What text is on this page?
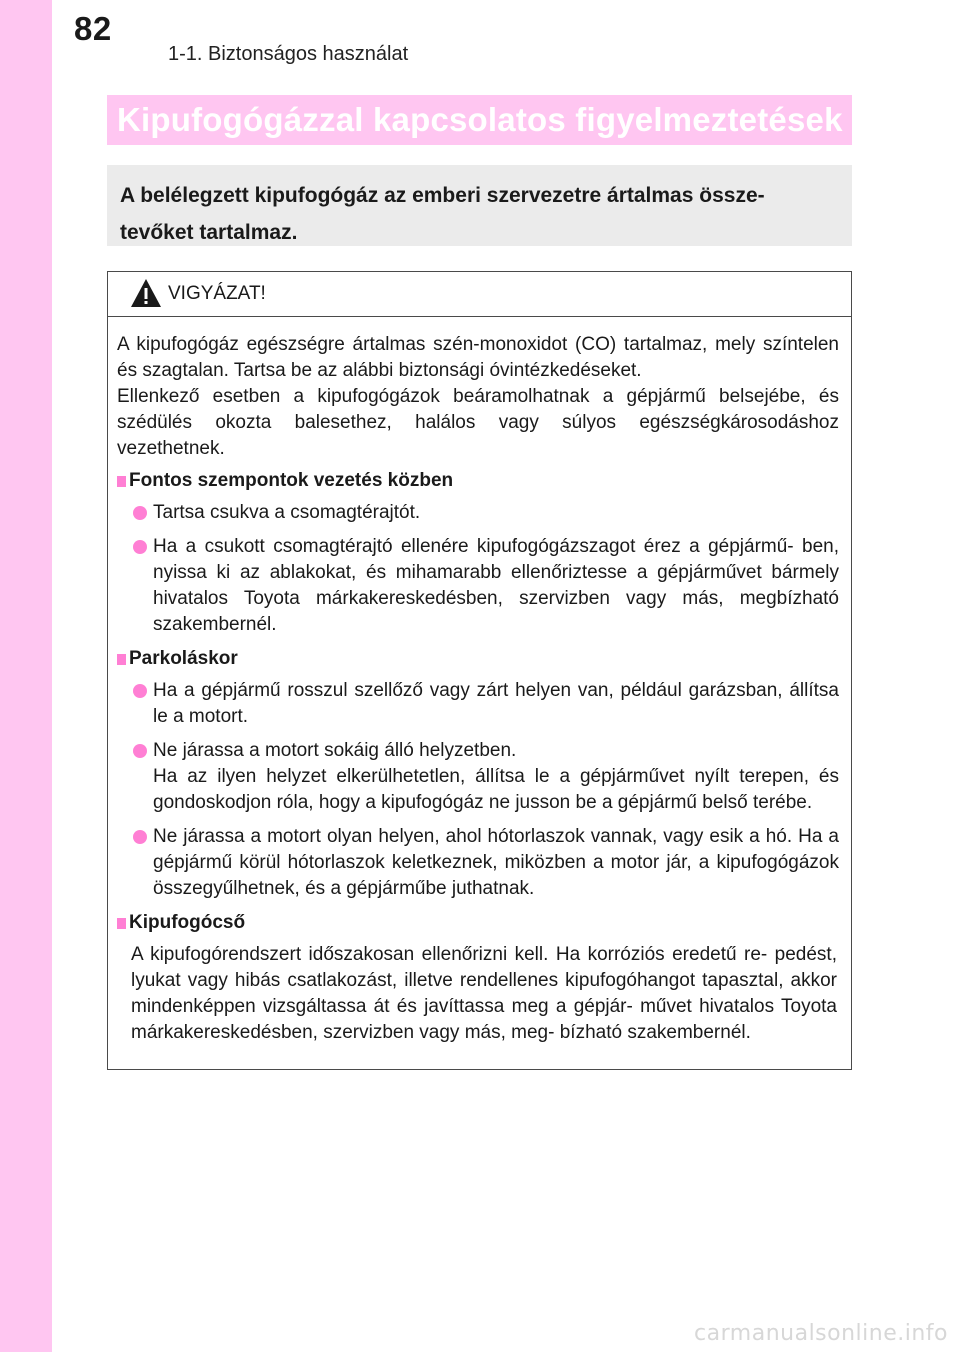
82
1-1. Biztonságos használat
Kipufogógázzal kapcsolatos figyelmeztetések

A belélegzett kipufogógáz az emberi szervezetre ártalmas össze-

tevőket tartalmaz.

VIGYÁZAT!

A kipufogógáz egészségre ártalmas szén-monoxidot (CO) tartalmaz, mely színtelen és szagtalan. Tartsa be az alábbi biztonsági óvintézkedéseket.

Ellenkező esetben a kipufogógázok beáramolhatnak a gépjármű belsejébe, és szédülés okozta balesethez, halálos vagy súlyos egészségkárosodáshoz vezethetnek.

Fontos szempontok vezetés közben
Tartsa csukva a csomagtérajtót.
Ha a csukott csomagtérajtó ellenére kipufogógázszagot érez a gépjármű- ben, nyissa ki az ablakokat, és mihamarabb ellenőriztesse a gépjárművet bármely hivatalos Toyota márkakereskedésben, szervizben vagy más, megbízható szakembernél.
Parkoláskor
Ha a gépjármű rosszul szellőző vagy zárt helyen van, például garázsban, állítsa le a motort.
Ne járassa a motort sokáig álló helyzetben.
Ha az ilyen helyzet elkerülhetetlen, állítsa le a gépjárművet nyílt terepen, és gondoskodjon róla, hogy a kipufogógáz ne jusson be a gépjármű belső terébe.
Ne járassa a motort olyan helyen, ahol hótorlaszok vannak, vagy esik a hó. Ha a gépjármű körül hótorlaszok keletkeznek, miközben a motor jár, a kipufogógázok összegyűlhetnek, és a gépjárműbe juthatnak.
Kipufogócső
A kipufogórendszert időszakosan ellenőrizni kell. Ha korróziós eredetű re- pedést, lyukat vagy hibás csatlakozást, illetve rendellenes kipufogóhangot tapasztal, akkor mindenképpen vizsgáltassa át és javíttassa meg a gépjár- művet hivatalos Toyota márkakereskedésben, szervizben vagy más, meg- bízható szakembernél.
carmanualsonline.info
